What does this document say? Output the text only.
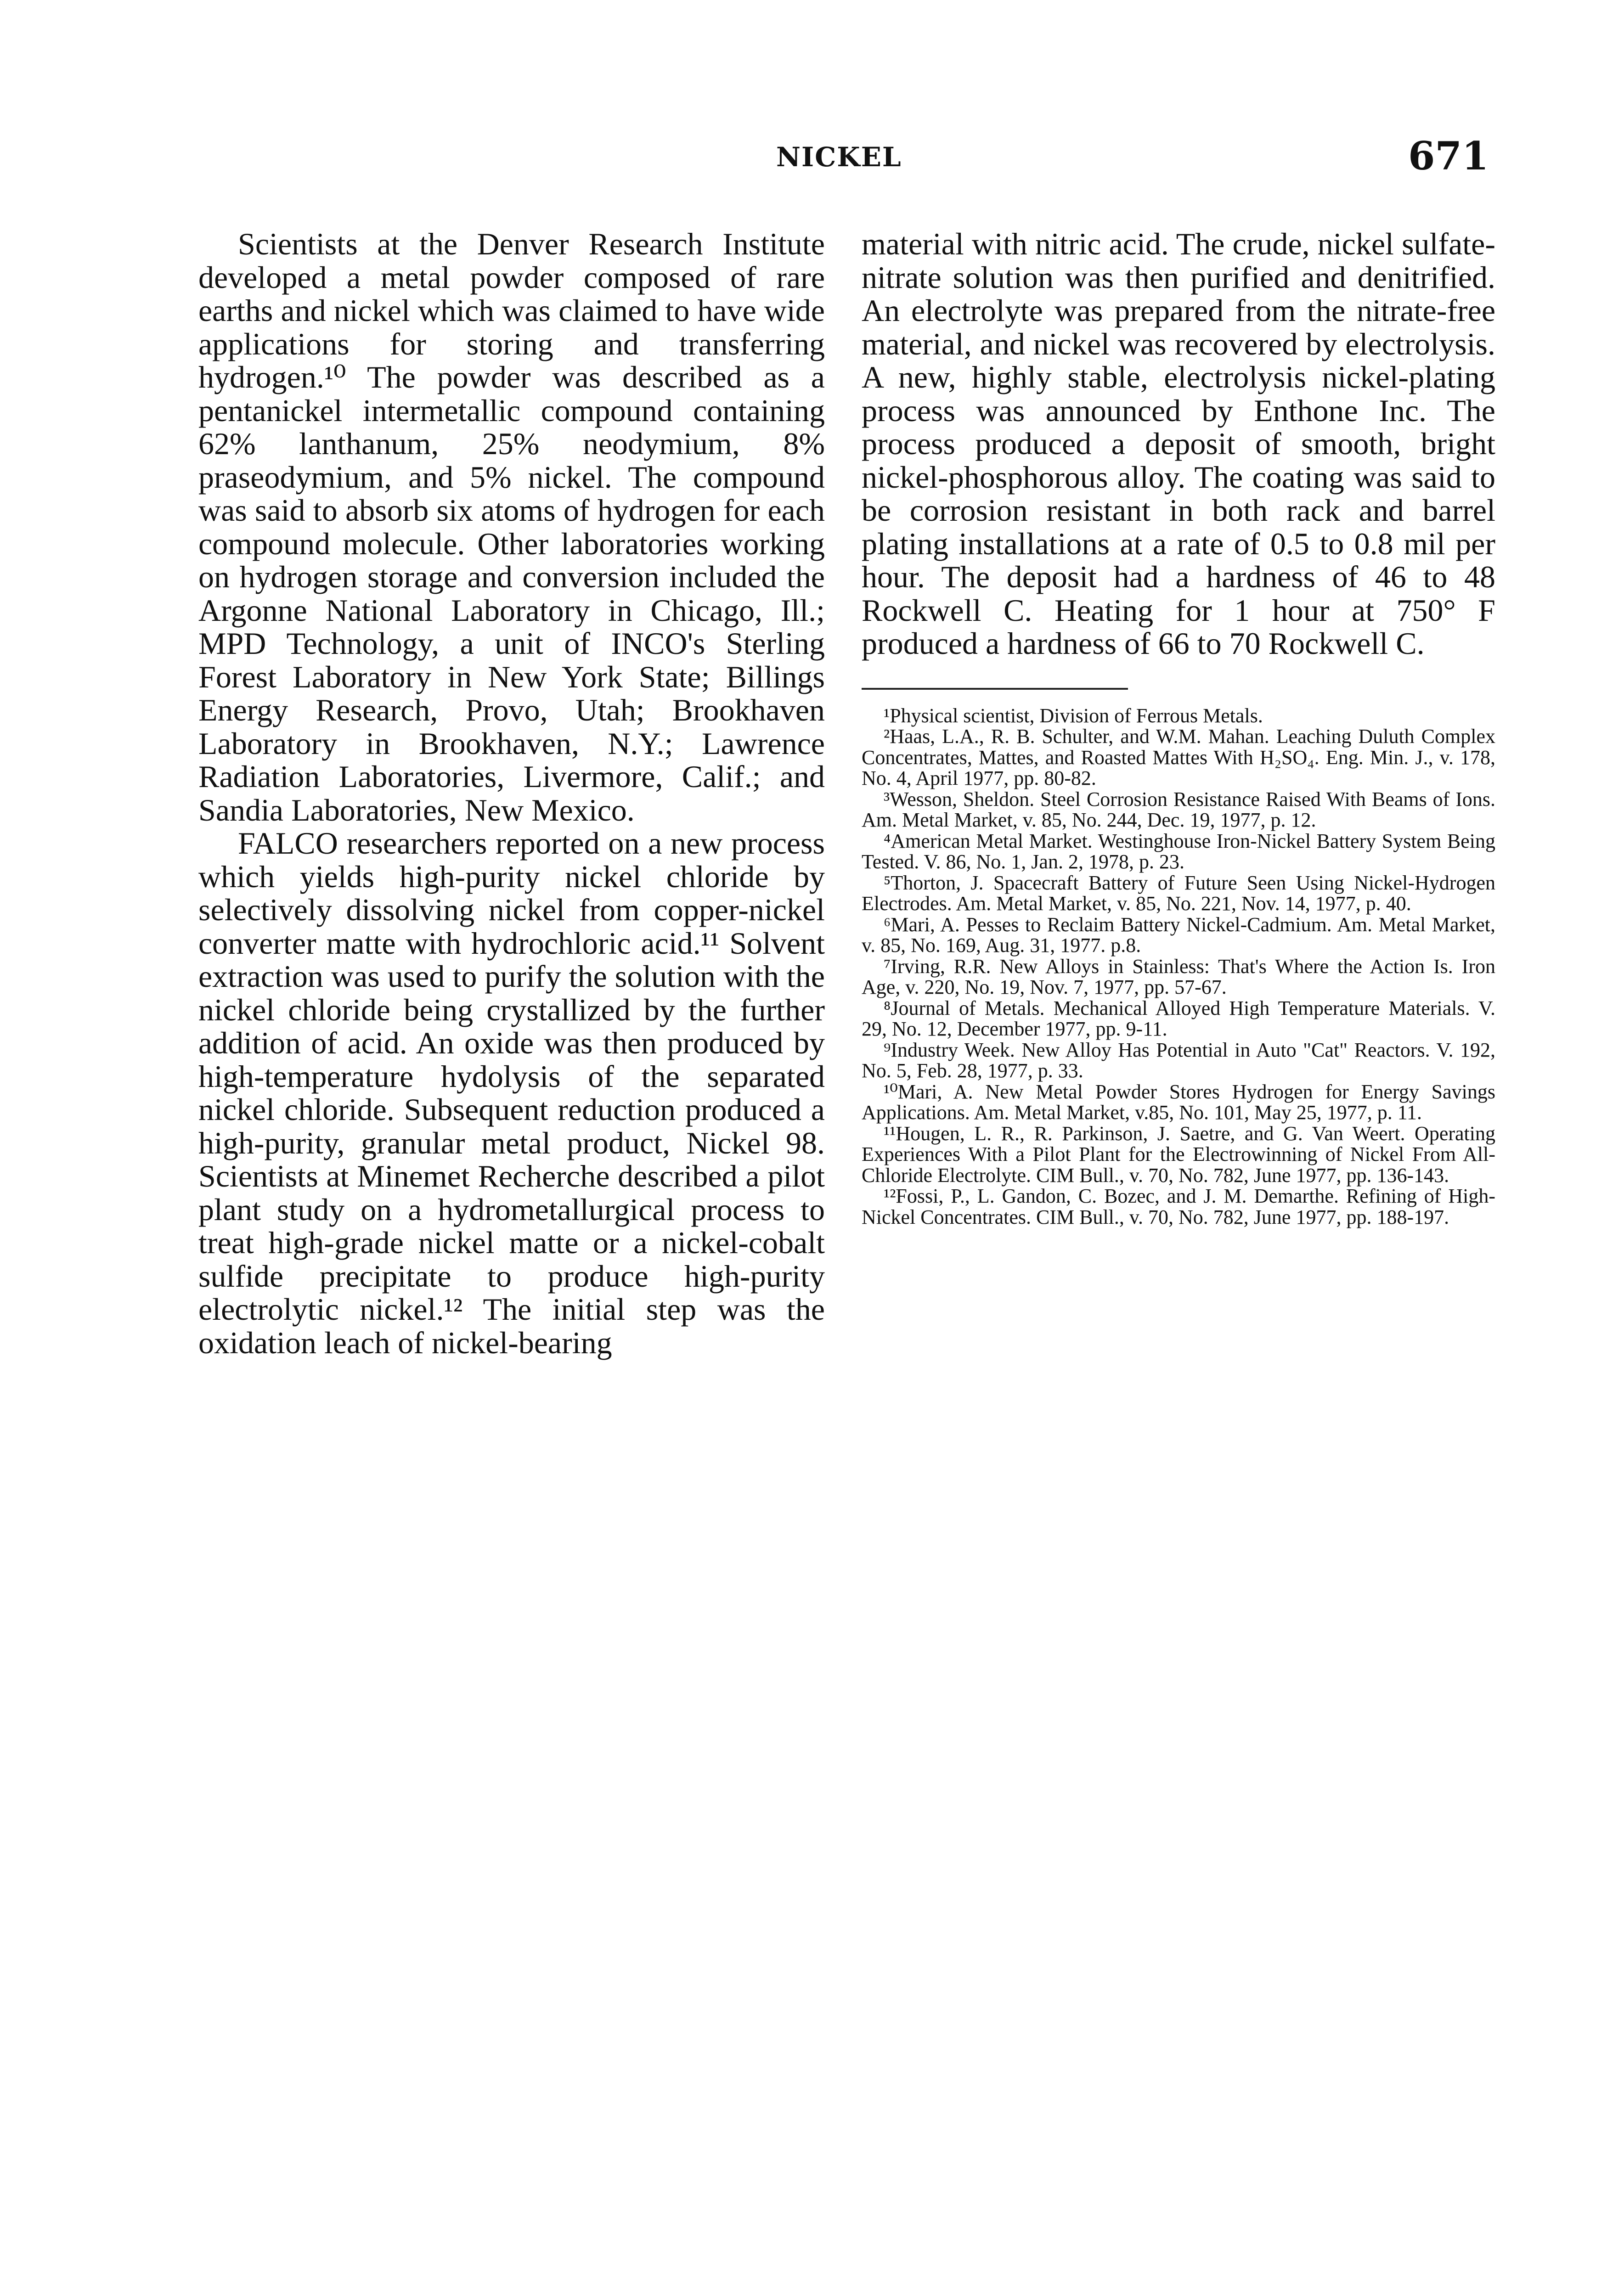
NICKEL	671

Scientists at the Denver Research Institute developed a metal powder composed of rare earths and nickel which was claimed to have wide applications for storing and transferring hydrogen.¹⁰ The powder was described as a pentanickel intermetallic compound containing 62% lanthanum, 25% neodymium, 8% praseodymium, and 5% nickel. The compound was said to absorb six atoms of hydrogen for each compound molecule. Other laboratories working on hydrogen storage and conversion included the Argonne National Laboratory in Chicago, Ill.; MPD Technology, a unit of INCO's Sterling Forest Laboratory in New York State; Billings Energy Research, Provo, Utah; Brookhaven Laboratory in Brookhaven, N.Y.; Lawrence Radiation Laboratories, Livermore, Calif.; and Sandia Laboratories, New Mexico.

FALCO researchers reported on a new process which yields high-purity nickel chloride by selectively dissolving nickel from copper-nickel converter matte with hydrochloric acid.¹¹ Solvent extraction was used to purify the solution with the nickel chloride being crystallized by the further addition of acid. An oxide was then produced by high-temperature hydolysis of the separated nickel chloride. Subsequent reduction produced a high-purity, granular metal product, Nickel 98. Scientists at Minemet Recherche described a pilot plant study on a hydrometallurgical process to treat high-grade nickel matte or a nickel-cobalt sulfide precipitate to produce high-purity electrolytic nickel.¹² The initial step was the oxidation leach of nickel-bearing

material with nitric acid. The crude, nickel sulfate-nitrate solution was then purified and denitrified. An electrolyte was prepared from the nitrate-free material, and nickel was recovered by electrolysis. A new, highly stable, electrolysis nickel-plating process was announced by Enthone Inc. The process produced a deposit of smooth, bright nickel-phosphorous alloy. The coating was said to be corrosion resistant in both rack and barrel plating installations at a rate of 0.5 to 0.8 mil per hour. The deposit had a hardness of 46 to 48 Rockwell C. Heating for 1 hour at 750° F produced a hardness of 66 to 70 Rockwell C.

¹Physical scientist, Division of Ferrous Metals.

²Haas, L.A., R. B. Schulter, and W.M. Mahan. Leaching Duluth Complex Concentrates, Mattes, and Roasted Mattes With H₂SO₄. Eng. Min. J., v. 178, No. 4, April 1977, pp. 80-82.

³Wesson, Sheldon. Steel Corrosion Resistance Raised With Beams of Ions. Am. Metal Market, v. 85, No. 244, Dec. 19, 1977, p. 12.

⁴American Metal Market. Westinghouse Iron-Nickel Battery System Being Tested. V. 86, No. 1, Jan. 2, 1978, p. 23.

⁵Thorton, J. Spacecraft Battery of Future Seen Using Nickel-Hydrogen Electrodes. Am. Metal Market, v. 85, No. 221, Nov. 14, 1977, p. 40.

⁶Mari, A. Pesses to Reclaim Battery Nickel-Cadmium. Am. Metal Market, v. 85, No. 169, Aug. 31, 1977. p.8.

⁷Irving, R.R. New Alloys in Stainless: That's Where the Action Is. Iron Age, v. 220, No. 19, Nov. 7, 1977, pp. 57-67.

⁸Journal of Metals. Mechanical Alloyed High Temperature Materials. V. 29, No. 12, December 1977, pp. 9-11.

⁹Industry Week. New Alloy Has Potential in Auto "Cat" Reactors. V. 192, No. 5, Feb. 28, 1977, p. 33.

¹⁰Mari, A. New Metal Powder Stores Hydrogen for Energy Savings Applications. Am. Metal Market, v.85, No. 101, May 25, 1977, p. 11.

¹¹Hougen, L. R., R. Parkinson, J. Saetre, and G. Van Weert. Operating Experiences With a Pilot Plant for the Electrowinning of Nickel From All-Chloride Electrolyte. CIM Bull., v. 70, No. 782, June 1977, pp. 136-143.

¹²Fossi, P., L. Gandon, C. Bozec, and J. M. Demarthe. Refining of High-Nickel Concentrates. CIM Bull., v. 70, No. 782, June 1977, pp. 188-197.
